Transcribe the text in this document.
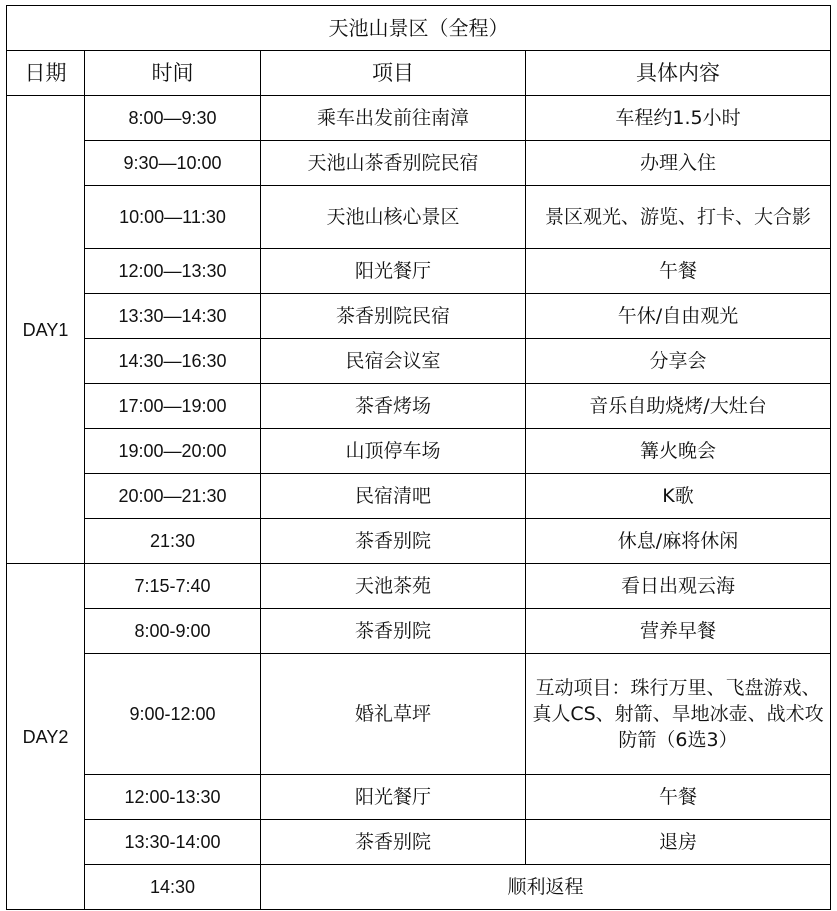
天池山景区（全程）			
日期	时间	项目	具体内容
DAY1	8:00—9:30	乘车出发前往南漳	车程约1.5小时
	9:30—10:00	天池山茶香别院民宿	办理入住
	10:00—11:30	天池山核心景区	景区观光、游览、打卡、大合影
	12:00—13:30	阳光餐厅	午餐
	13:30—14:30	茶香别院民宿	午休/自由观光
	14:30—16:30	民宿会议室	分享会
	17:00—19:00	茶香烤场	音乐自助烧烤/大灶台
	19:00—20:00	山顶停车场	篝火晚会
	20:00—21:30	民宿清吧	K歌
	21:30	茶香别院	休息/麻将休闲
DAY2	7:15-7:40	天池茶苑	看日出观云海
	8:00-9:00	茶香别院	营养早餐
	9:00-12:00	婚礼草坪	互动项目：珠行万里、飞盘游戏、真人CS、射箭、旱地冰壶、战术攻防箭（6选3）
	12:00-13:30	阳光餐厅	午餐
	13:30-14:00	茶香别院	退房
	14:30	顺利返程	
